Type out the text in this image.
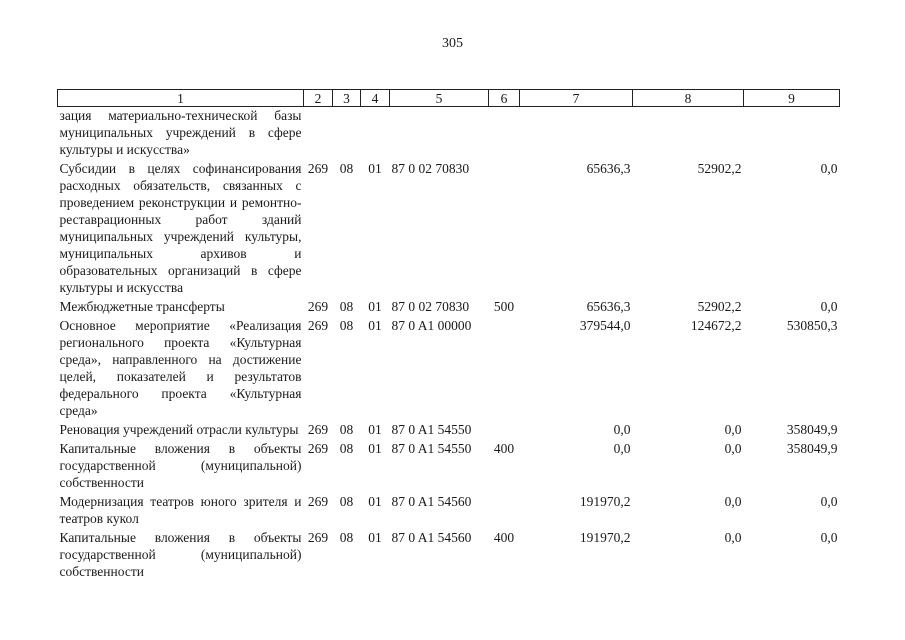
305
1	2	3	4	5	6	7	8	9
зация материально-технической базы муниципальных учреждений в сфере культуры и искусства»								
Субсидии в целях софинансирования расходных обязательств, связанных с проведением реконструкции и ремонтно-реставрационных работ зданий муниципальных учреждений культуры, муниципальных архивов и образовательных организаций в сфере культуры и искусства	269	08	01	87 0 02 70830		65636,3	52902,2	0,0
Межбюджетные трансферты	269	08	01	87 0 02 70830	500	65636,3	52902,2	0,0
Основное мероприятие «Реализация регионального проекта «Культурная среда», направленного на достижение целей, показателей и результатов федерального проекта «Культурная среда»	269	08	01	87 0 A1 00000		379544,0	124672,2	530850,3
Реновация учреждений отрасли культуры	269	08	01	87 0 A1 54550		0,0	0,0	358049,9
Капитальные вложения в объекты государственной (муниципальной) собственности	269	08	01	87 0 A1 54550	400	0,0	0,0	358049,9
Модернизация театров юного зрителя и театров кукол	269	08	01	87 0 A1 54560		191970,2	0,0	0,0
Капитальные вложения в объекты государственной (муниципальной) собственности	269	08	01	87 0 A1 54560	400	191970,2	0,0	0,0
